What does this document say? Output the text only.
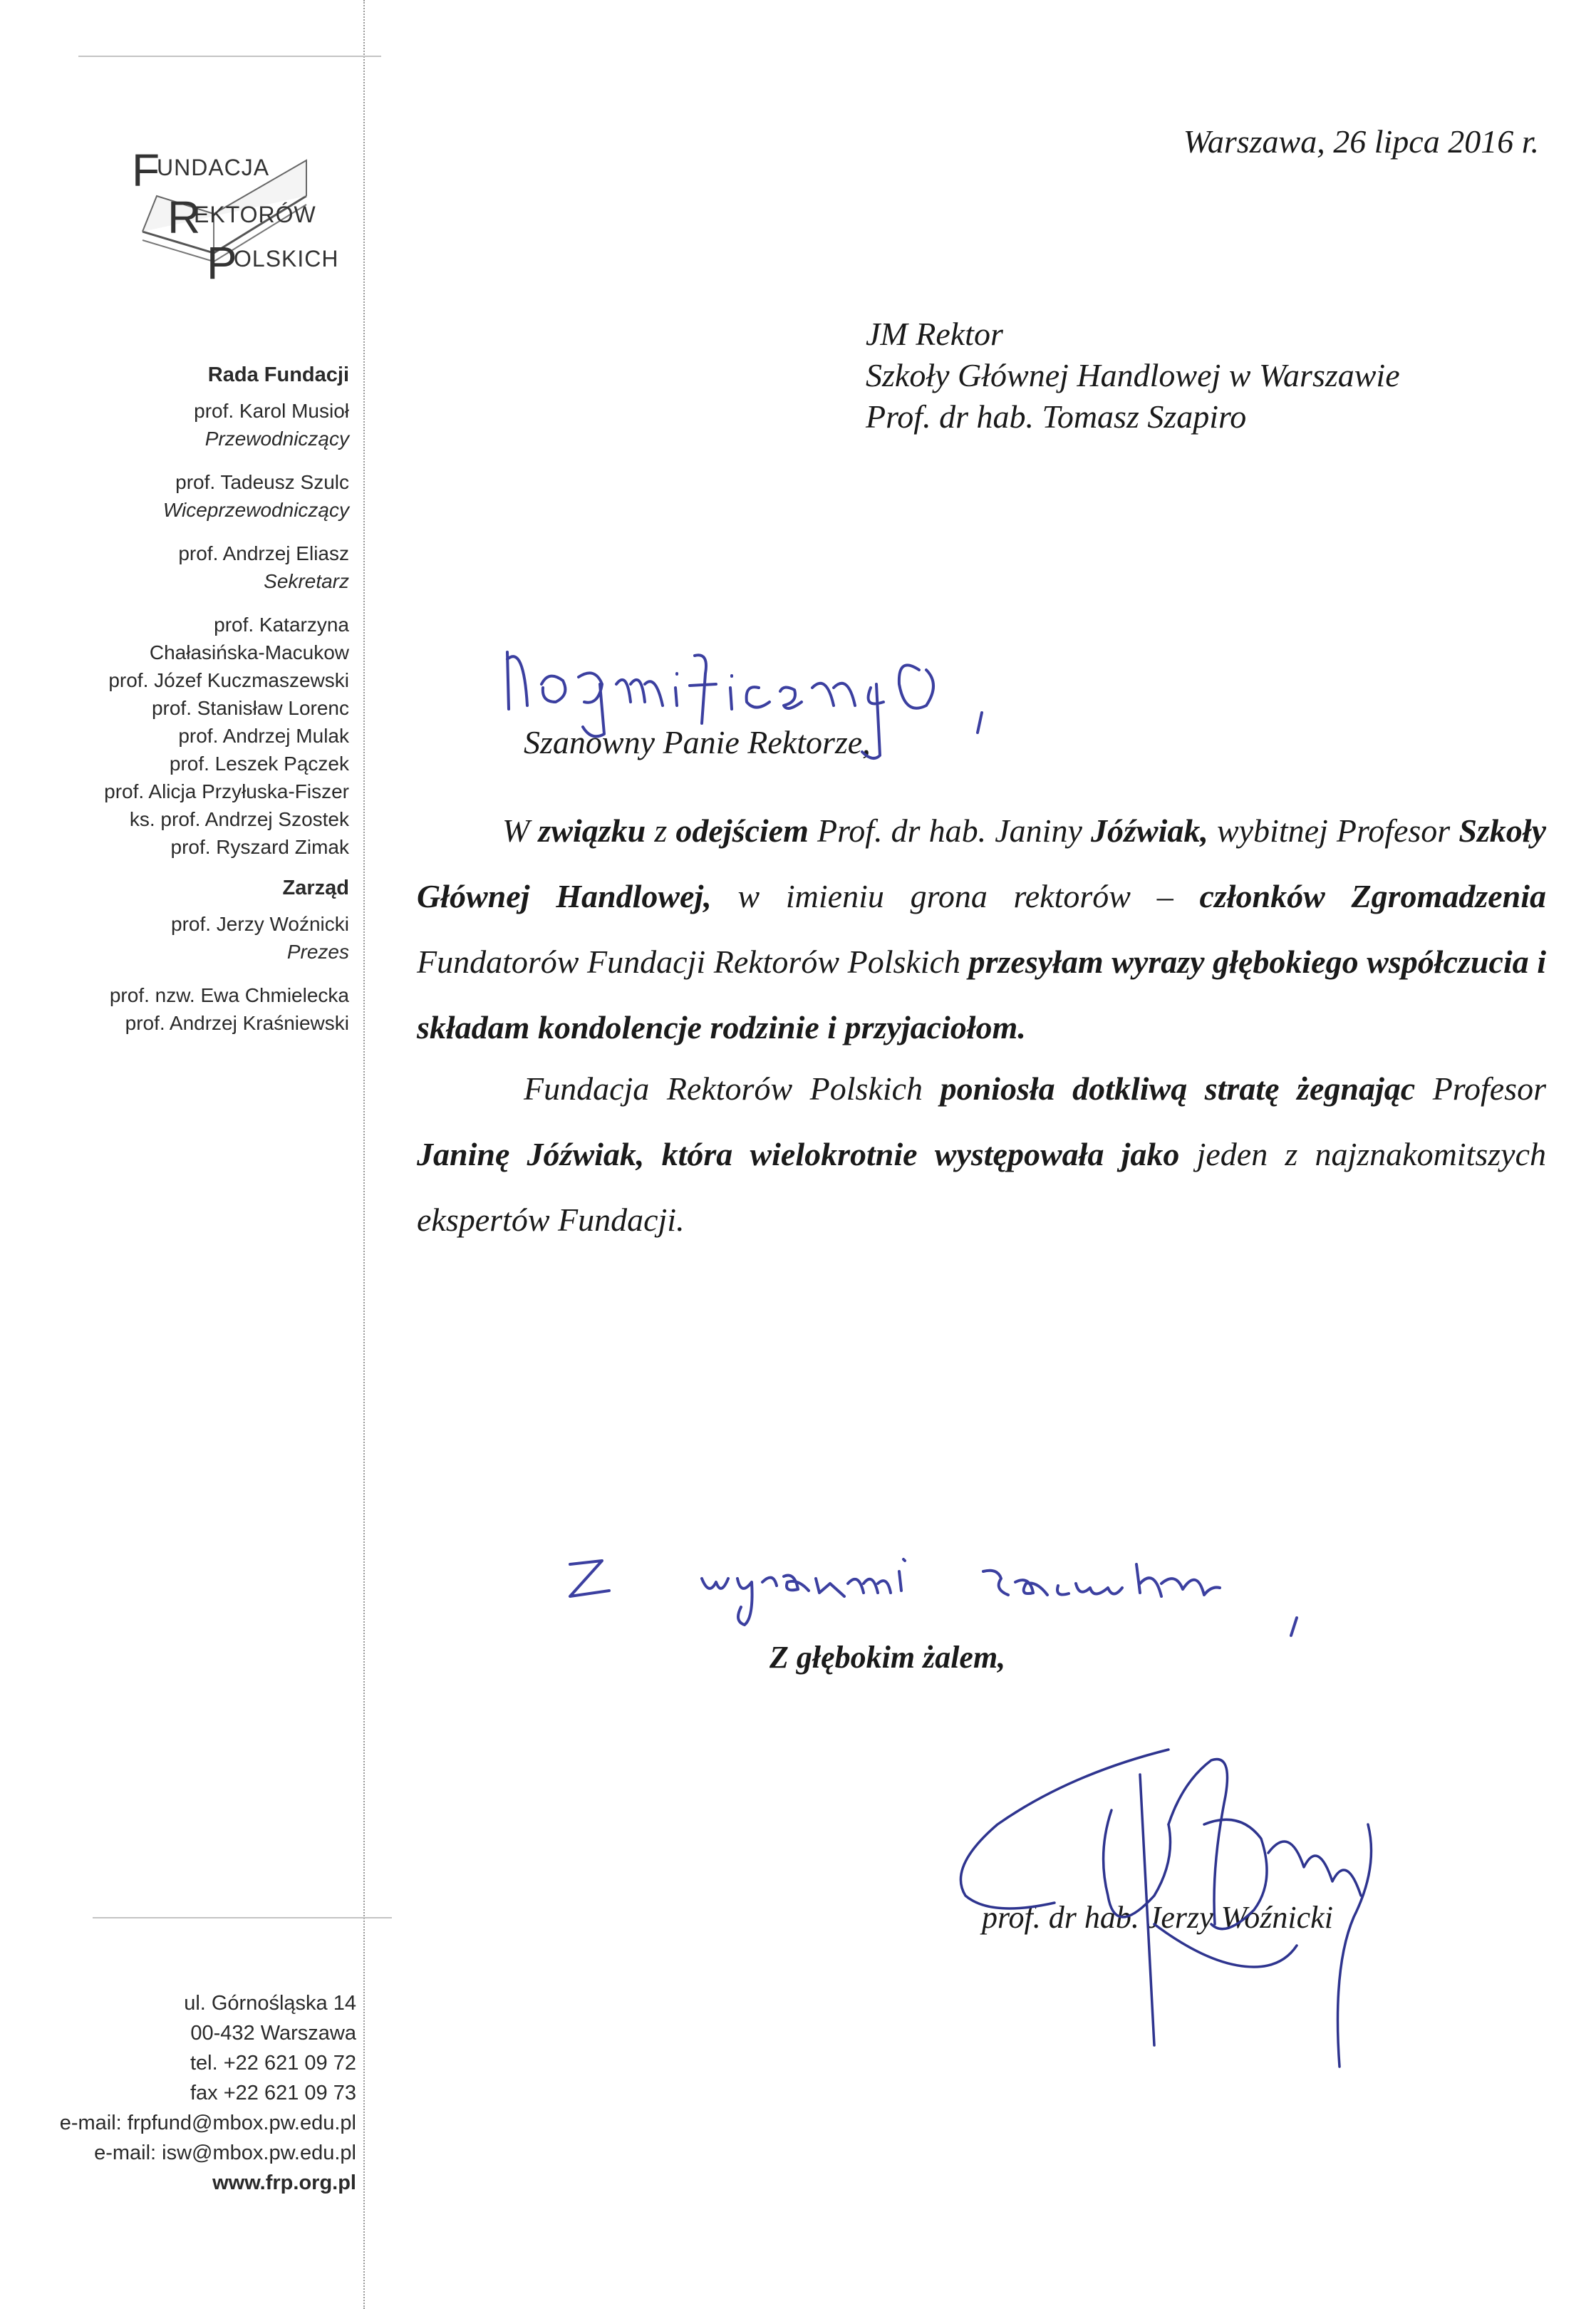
F
UNDACJA
R
EKTORÓW
P
OLSKICH
Rada Fundacji
prof. Karol Musioł
Przewodniczący
prof. Tadeusz Szulc
Wiceprzewodniczący
prof. Andrzej Eliasz
Sekretarz
prof. Katarzyna
Chałasińska-Macukow
prof. Józef Kuczmaszewski
prof. Stanisław Lorenc
prof. Andrzej Mulak
prof. Leszek Pączek
prof. Alicja Przyłuska-Fiszer
ks. prof. Andrzej Szostek
prof. Ryszard Zimak
Zarząd
prof. Jerzy Woźnicki
Prezes
prof. nzw. Ewa Chmielecka
prof. Andrzej Kraśniewski
ul. Górnośląska 14
00-432 Warszawa
tel. +22 621 09 72
fax +22 621 09 73
e-mail: frpfund@mbox.pw.edu.pl
e-mail: isw@mbox.pw.edu.pl
www.frp.org.pl
Warszawa, 26 lipca 2016 r.
JM Rektor
Szkoły Głównej Handlowej w Warszawie
Prof. dr hab. Tomasz Szapiro
Szanowny Panie Rektorze,
W związku z odejściem Prof. dr hab. Janiny Jóźwiak, wybitnej Profesor Szkoły Głównej Handlowej, w imieniu grona rektorów – członków Zgromadzenia Fundatorów Fundacji Rektorów Polskich przesyłam wyrazy głębokiego współczucia i składam kondolencje rodzinie i przyjaciołom.
Fundacja Rektorów Polskich poniosła dotkliwą stratę żegnając Profesor Janinę Jóźwiak, która wielokrotnie występowała jako jeden z najznakomitszych ekspertów Fundacji.
Z głębokim żalem,
prof. dr hab. Jerzy Woźnicki
